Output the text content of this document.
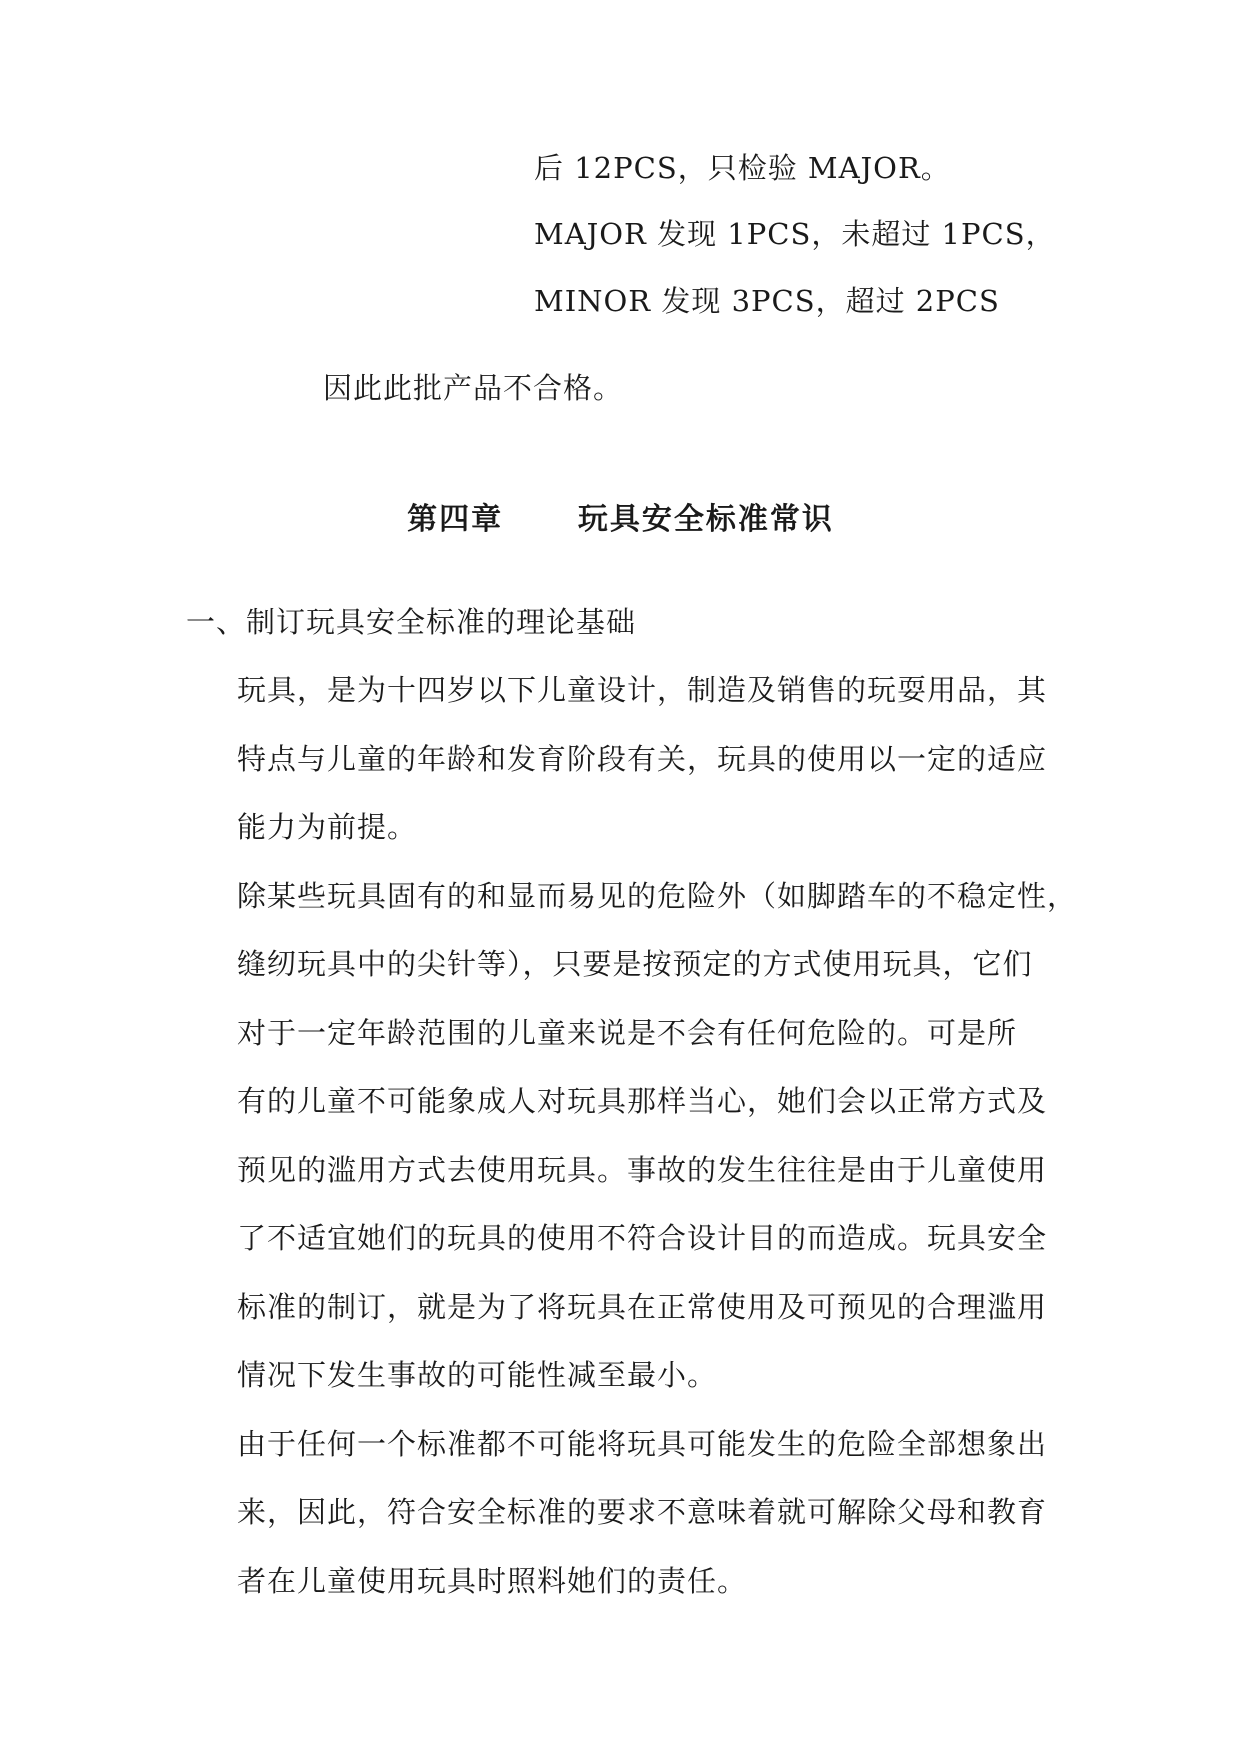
后 12PCS，只检验 MAJOR。
MAJOR 发现 1PCS，未超过 1PCS，
MINOR 发现 3PCS，超过 2PCS
因此此批产品不合格。
第四章      玩具安全标准常识
一、制订玩具安全标准的理论基础
玩具，是为十四岁以下儿童设计，制造及销售的玩耍用品，其
特点与儿童的年龄和发育阶段有关，玩具的使用以一定的适应
能力为前提。
除某些玩具固有的和显而易见的危险外（如脚踏车的不稳定性，
缝纫玩具中的尖针等），只要是按预定的方式使用玩具，它们
对于一定年龄范围的儿童来说是不会有任何危险的。可是所
有的儿童不可能象成人对玩具那样当心，她们会以正常方式及
预见的滥用方式去使用玩具。事故的发生往往是由于儿童使用
了不适宜她们的玩具的使用不符合设计目的而造成。玩具安全
标准的制订，就是为了将玩具在正常使用及可预见的合理滥用
情况下发生事故的可能性减至最小。
由于任何一个标准都不可能将玩具可能发生的危险全部想象出
来，因此，符合安全标准的要求不意味着就可解除父母和教育
者在儿童使用玩具时照料她们的责任。
